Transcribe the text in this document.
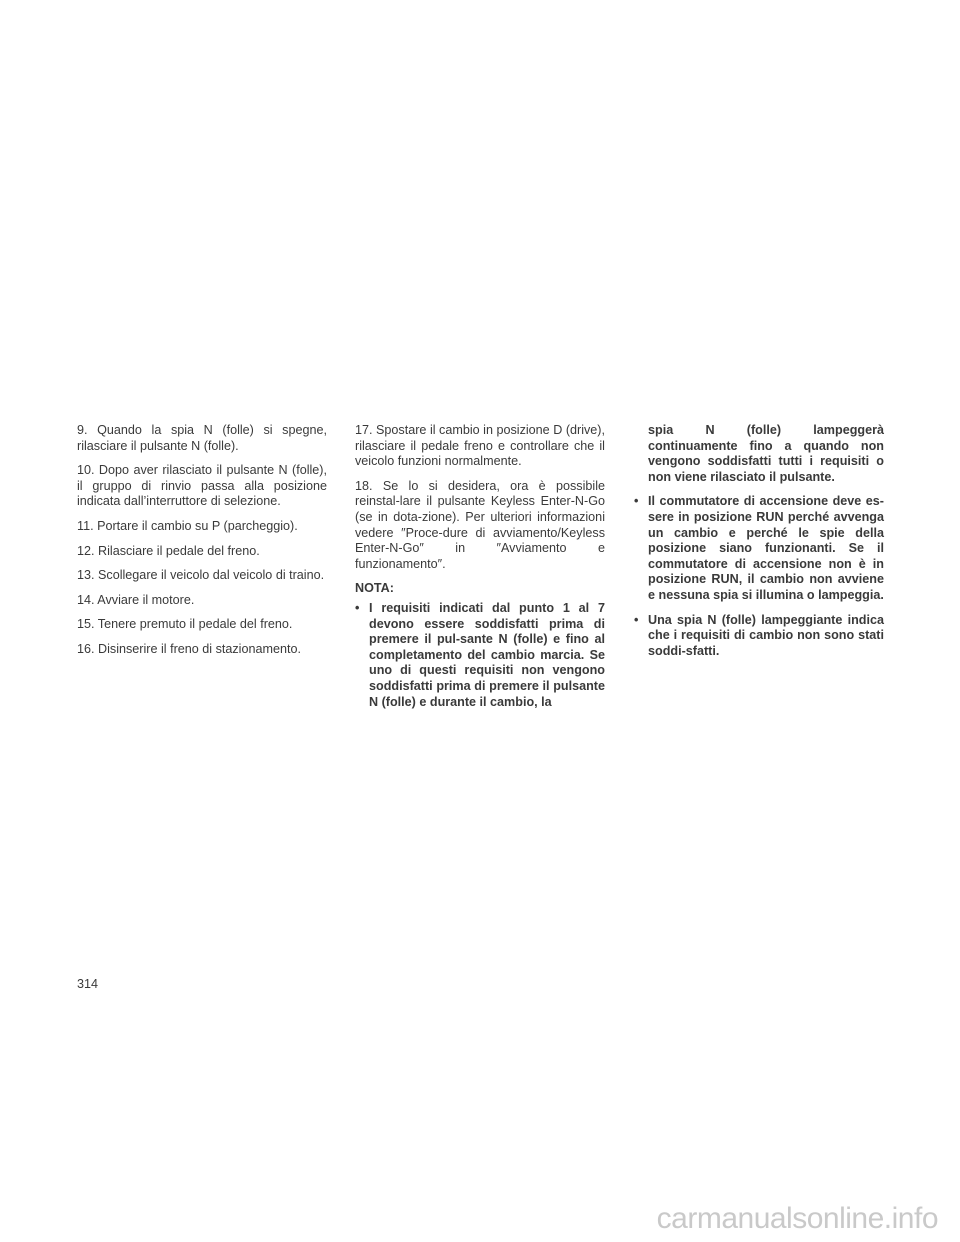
9. Quando la spia N (folle) si spegne, rilasciare il pulsante N (folle).

10. Dopo aver rilasciato il pulsante N (folle), il gruppo di rinvio passa alla posizione indicata dall’interruttore di selezione.

11. Portare il cambio su P (parcheggio).

12. Rilasciare il pedale del freno.

13. Scollegare il veicolo dal veicolo di traino.

14. Avviare il motore.

15. Tenere premuto il pedale del freno.

16. Disinserire il freno di stazionamento.

17. Spostare il cambio in posizione D (drive), rilasciare il pedale freno e controllare che il veicolo funzioni normalmente.

18. Se lo si desidera, ora è possibile reinstal-lare il pulsante Keyless Enter-N-Go (se in dota-zione). Per ulteriori informazioni vedere ″Proce-dure di avviamento/Keyless Enter-N-Go″ in ″Avviamento e funzionamento″.

NOTA:

• I requisiti indicati dal punto 1 al 7 devono essere soddisfatti prima di premere il pul-sante N (folle) e fino al completamento del cambio marcia. Se uno di questi requisiti non vengono soddisfatti prima di premere il pulsante N (folle) e durante il cambio, la

spia N (folle) lampeggerà continuamente fino a quando non vengono soddisfatti tutti i requisiti o non viene rilasciato il pulsante.

• Il commutatore di accensione deve es-sere in posizione RUN perché avvenga un cambio e perché le spie della posizione siano funzionanti. Se il commutatore di accensione non è in posizione RUN, il cambio non avviene e nessuna spia si illumina o lampeggia.
• Una spia N (folle) lampeggiante indica che i requisiti di cambio non sono stati soddi-sfatti.
314
carmanualsonline.info
